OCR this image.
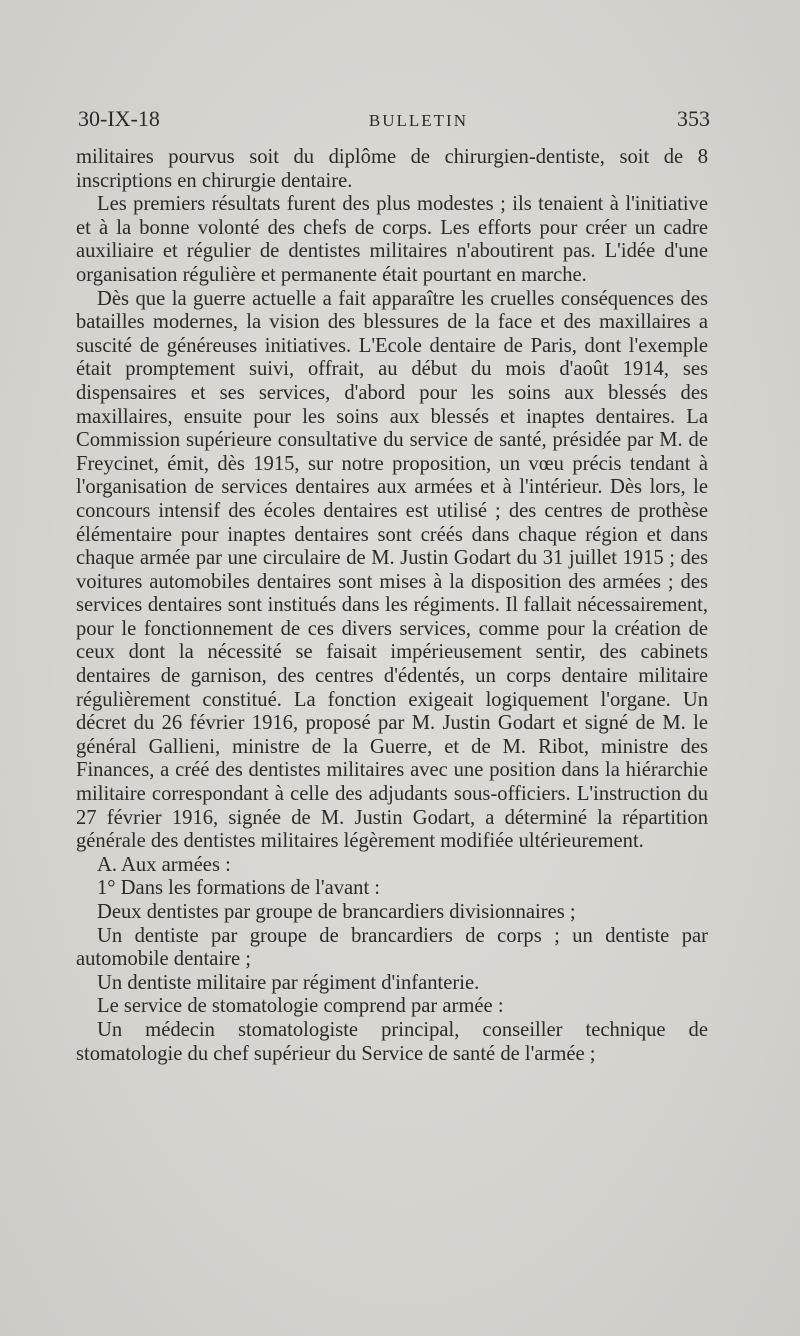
30-IX-18	BULLETIN	353

militaires pourvus soit du diplôme de chirurgien-dentiste, soit de 8 inscriptions en chirurgie dentaire.

Les premiers résultats furent des plus modestes ; ils tenaient à l'initiative et à la bonne volonté des chefs de corps. Les efforts pour créer un cadre auxiliaire et régulier de dentistes militaires n'aboutirent pas. L'idée d'une organisation régulière et permanente était pourtant en marche.

Dès que la guerre actuelle a fait apparaître les cruelles conséquences des batailles modernes, la vision des blessures de la face et des maxillaires a suscité de généreuses initiatives. L'Ecole dentaire de Paris, dont l'exemple était promptement suivi, offrait, au début du mois d'août 1914, ses dispensaires et ses services, d'abord pour les soins aux blessés des maxillaires, ensuite pour les soins aux blessés et inaptes dentaires. La Commission supérieure consultative du service de santé, présidée par M. de Freycinet, émit, dès 1915, sur notre proposition, un vœu précis tendant à l'organisation de services dentaires aux armées et à l'intérieur. Dès lors, le concours intensif des écoles dentaires est utilisé ; des centres de prothèse élémentaire pour inaptes dentaires sont créés dans chaque région et dans chaque armée par une circulaire de M. Justin Godart du 31 juillet 1915 ; des voitures automobiles dentaires sont mises à la disposition des armées ; des services dentaires sont institués dans les régiments. Il fallait nécessairement, pour le fonctionnement de ces divers services, comme pour la création de ceux dont la nécessité se faisait impérieusement sentir, des cabinets dentaires de garnison, des centres d'édentés, un corps dentaire militaire régulièrement constitué. La fonction exigeait logiquement l'organe. Un décret du 26 février 1916, proposé par M. Justin Godart et signé de M. le général Gallieni, ministre de la Guerre, et de M. Ribot, ministre des Finances, a créé des dentistes militaires avec une position dans la hiérarchie militaire correspondant à celle des adjudants sous-officiers. L'instruction du 27 février 1916, signée de M. Justin Godart, a déterminé la répartition générale des dentistes militaires légèrement modifiée ultérieurement.

A. Aux armées :

1° Dans les formations de l'avant :

Deux dentistes par groupe de brancardiers divisionnaires ;

Un dentiste par groupe de brancardiers de corps ; un dentiste par automobile dentaire ;

Un dentiste militaire par régiment d'infanterie.

Le service de stomatologie comprend par armée :

Un médecin stomatologiste principal, conseiller technique de stomatologie du chef supérieur du Service de santé de l'armée ;
